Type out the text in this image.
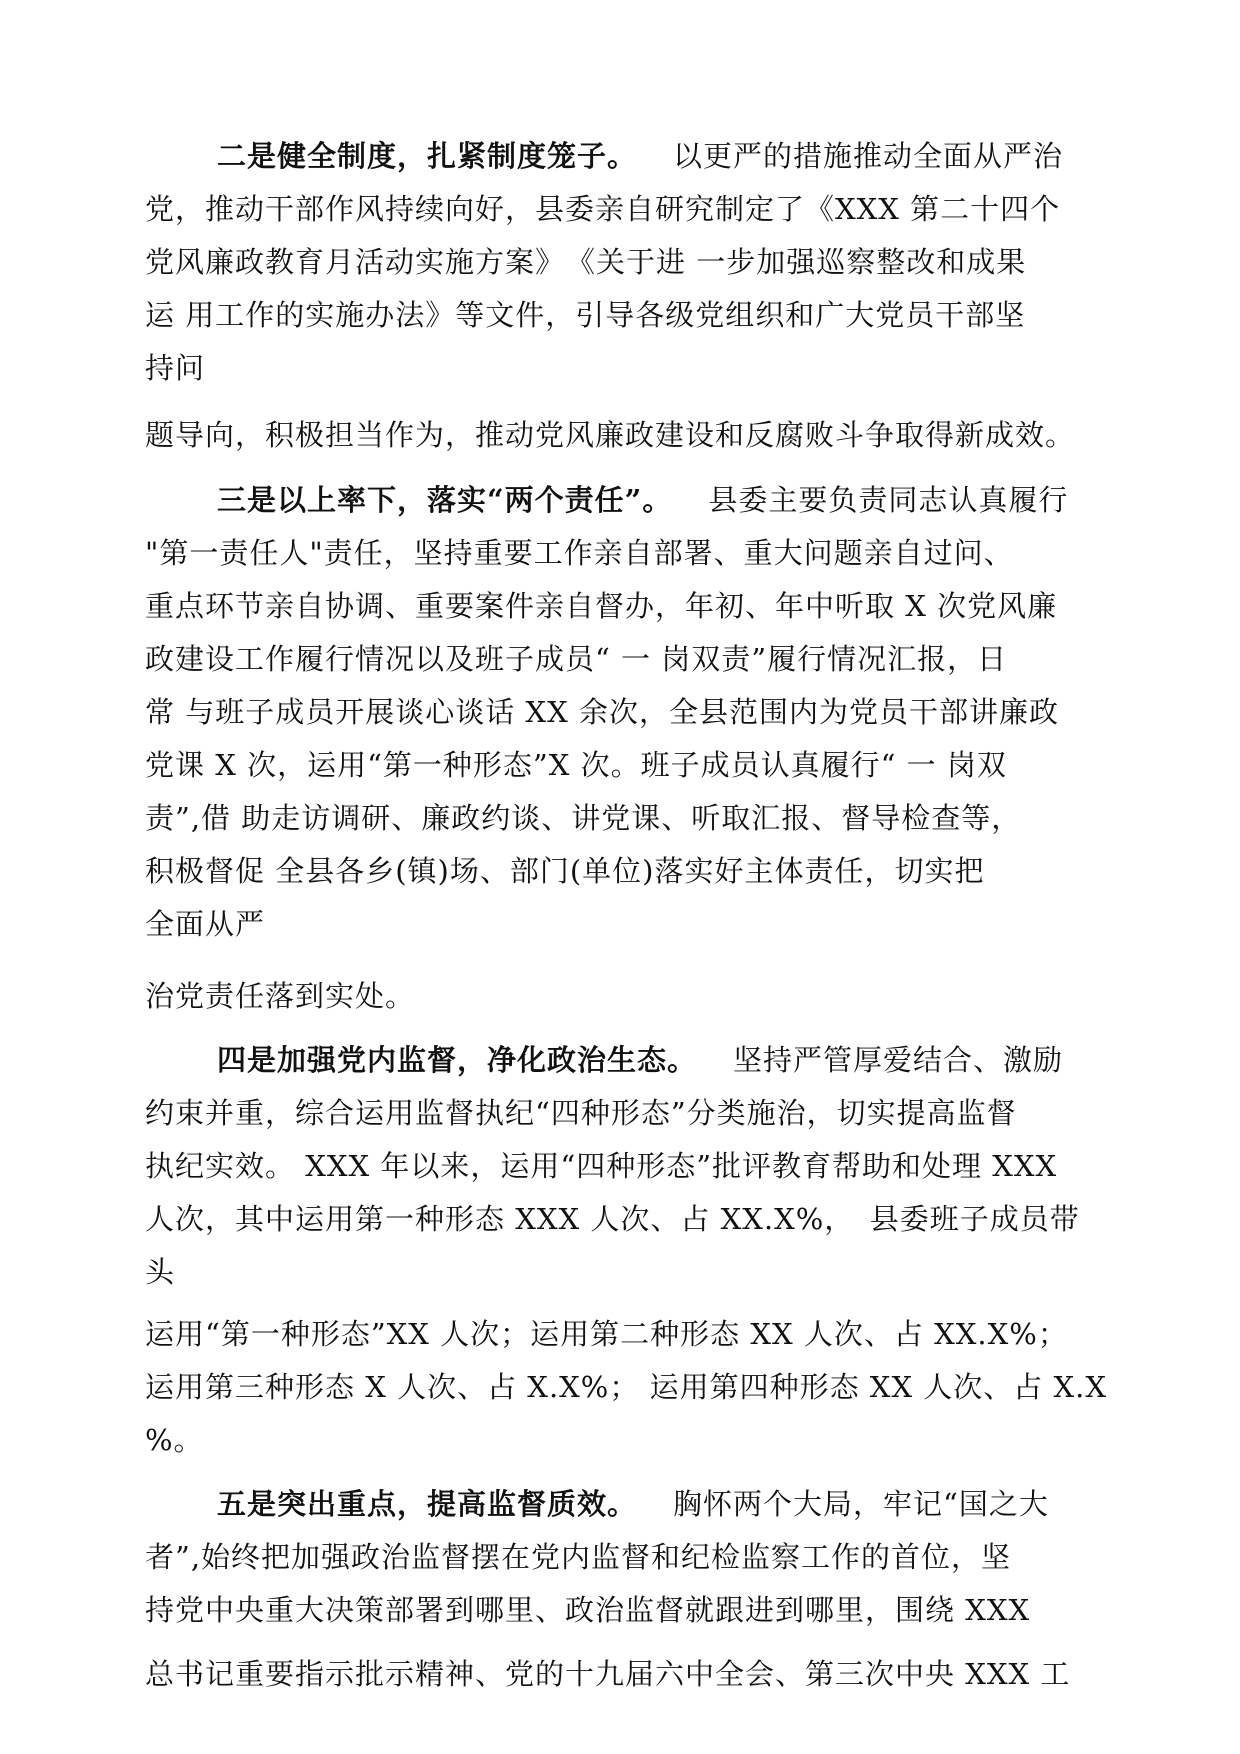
二是健全制度，扎紧制度笼子。 以更严的措施推动全面从严治
党，推动干部作风持续向好，县委亲自研究制定了《XXX 第二十四个
党风廉政教育月活动实施方案》　《关于进 一步加强巡察整改和成果
运 用工作的实施办法》等文件，引导各级党组织和广大党员干部坚
持问

题导向，积极担当作为，推动党风廉政建设和反腐败斗争取得新成效。

三是以上率下，落实“两个责任”。 县委主要负责同志认真履行
"第一责任人"责任，坚持重要工作亲自部署、重大问题亲自过问、
重点环节亲自协调、重要案件亲自督办，年初、年中听取 X 次党风廉
政建设工作履行情况以及班子成员“ 一 岗双责”履行情况汇报，日
常 与班子成员开展谈心谈话 XX 余次，全县范围内为党员干部讲廉政
党课 X 次，运用“第一种形态”X 次。班子成员认真履行“ 一 岗双
责”,借 助走访调研、廉政约谈、讲党课、听取汇报、督导检查等，
积极督促 全县各乡(镇)场、部门(单位)落实好主体责任，切实把
全面从严

治党责任落到实处。

四是加强党内监督，净化政治生态。 坚持严管厚爱结合、激励
约束并重，综合运用监督执纪“四种形态”分类施治，切实提高监督
执纪实效。 XXX 年以来，运用“四种形态”批评教育帮助和处理 XXX
人次，其中运用第一种形态 XXX 人次、占 XX.X%，　县委班子成员带
头

运用“第一种形态”XX 人次；运用第二种形态 XX 人次、占 XX.X%；
运用第三种形态 X 人次、占 X.X%； 运用第四种形态 XX 人次、占 X.X
%。

五是突出重点，提高监督质效。 胸怀两个大局，牢记“国之大
者”,始终把加强政治监督摆在党内监督和纪检监察工作的首位，坚
持党中央重大决策部署到哪里、政治监督就跟进到哪里，围绕 XXX

总书记重要指示批示精神、党的十九届六中全会、第三次中央 XXX 工
